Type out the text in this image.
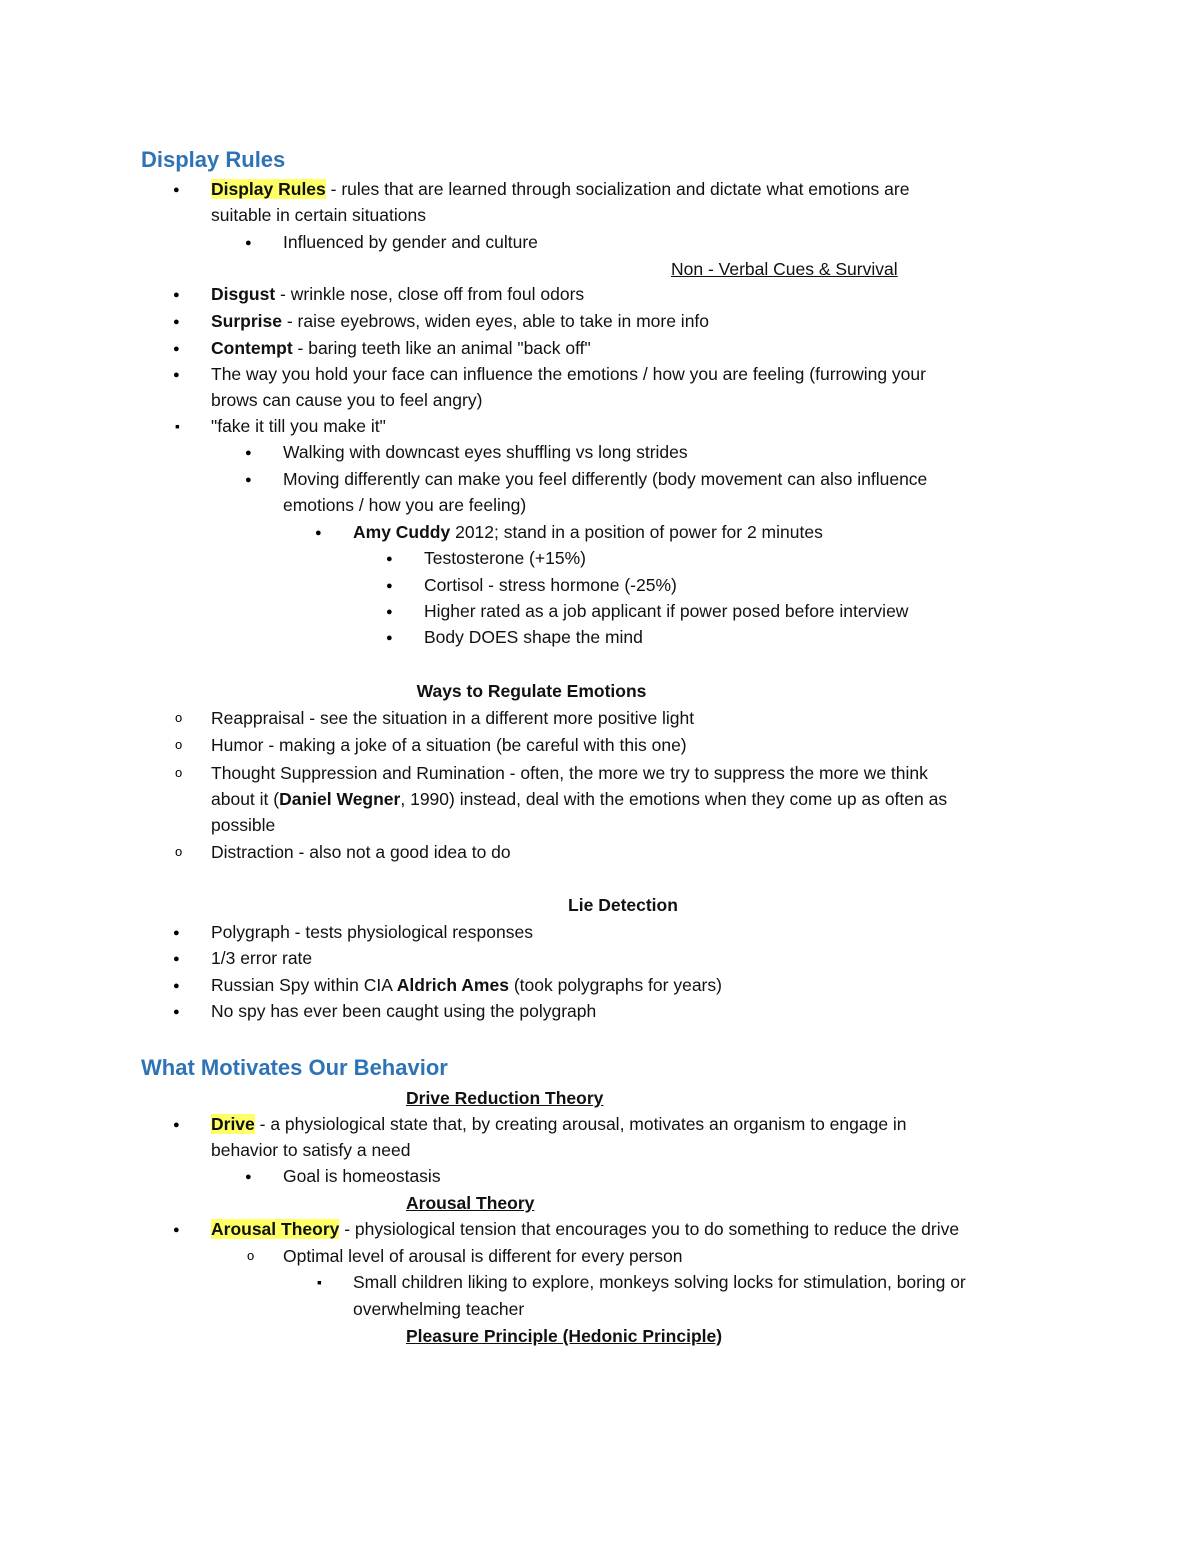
Display Rules
●
Display Rules - rules that are learned through socialization and dictate what emotions are
suitable in certain situations
●
Influenced by gender and culture
Non - Verbal Cues & Survival
●
Disgust - wrinkle nose, close off from foul odors
●
Surprise - raise eyebrows, widen eyes, able to take in more info
●
Contempt - baring teeth like an animal "back off"
●
The way you hold your face can influence the emotions / how you are feeling (furrowing your
brows can cause you to feel angry)
▪
"fake it till you make it"
●
Walking with downcast eyes shuffling vs long strides
●
Moving differently can make you feel differently (body movement can also influence
emotions / how you are feeling)
●
Amy Cuddy 2012; stand in a position of power for 2 minutes
●
Testosterone (+15%)
●
Cortisol - stress hormone (-25%)
●
Higher rated as a job applicant if power posed before interview
●
Body DOES shape the mind
Ways to Regulate Emotions
o
Reappraisal - see the situation in a different more positive light
o
Humor - making a joke of a situation (be careful with this one)
o
Thought Suppression and Rumination - often, the more we try to suppress the more we think
about it (Daniel Wegner, 1990) instead, deal with the emotions when they come up as often as
possible
o
Distraction - also not a good idea to do
Lie Detection
●
Polygraph - tests physiological responses
●
1/3 error rate
●
Russian Spy within CIA Aldrich Ames (took polygraphs for years)
●
No spy has ever been caught using the polygraph
What Motivates Our Behavior
Drive Reduction Theory
●
Drive - a physiological state that, by creating arousal, motivates an organism to engage in
behavior to satisfy a need
●
Goal is homeostasis
Arousal Theory
●
Arousal Theory - physiological tension that encourages you to do something to reduce the drive
o
Optimal level of arousal is different for every person
▪
Small children liking to explore, monkeys solving locks for stimulation, boring or
overwhelming teacher
Pleasure Principle (Hedonic Principle)
